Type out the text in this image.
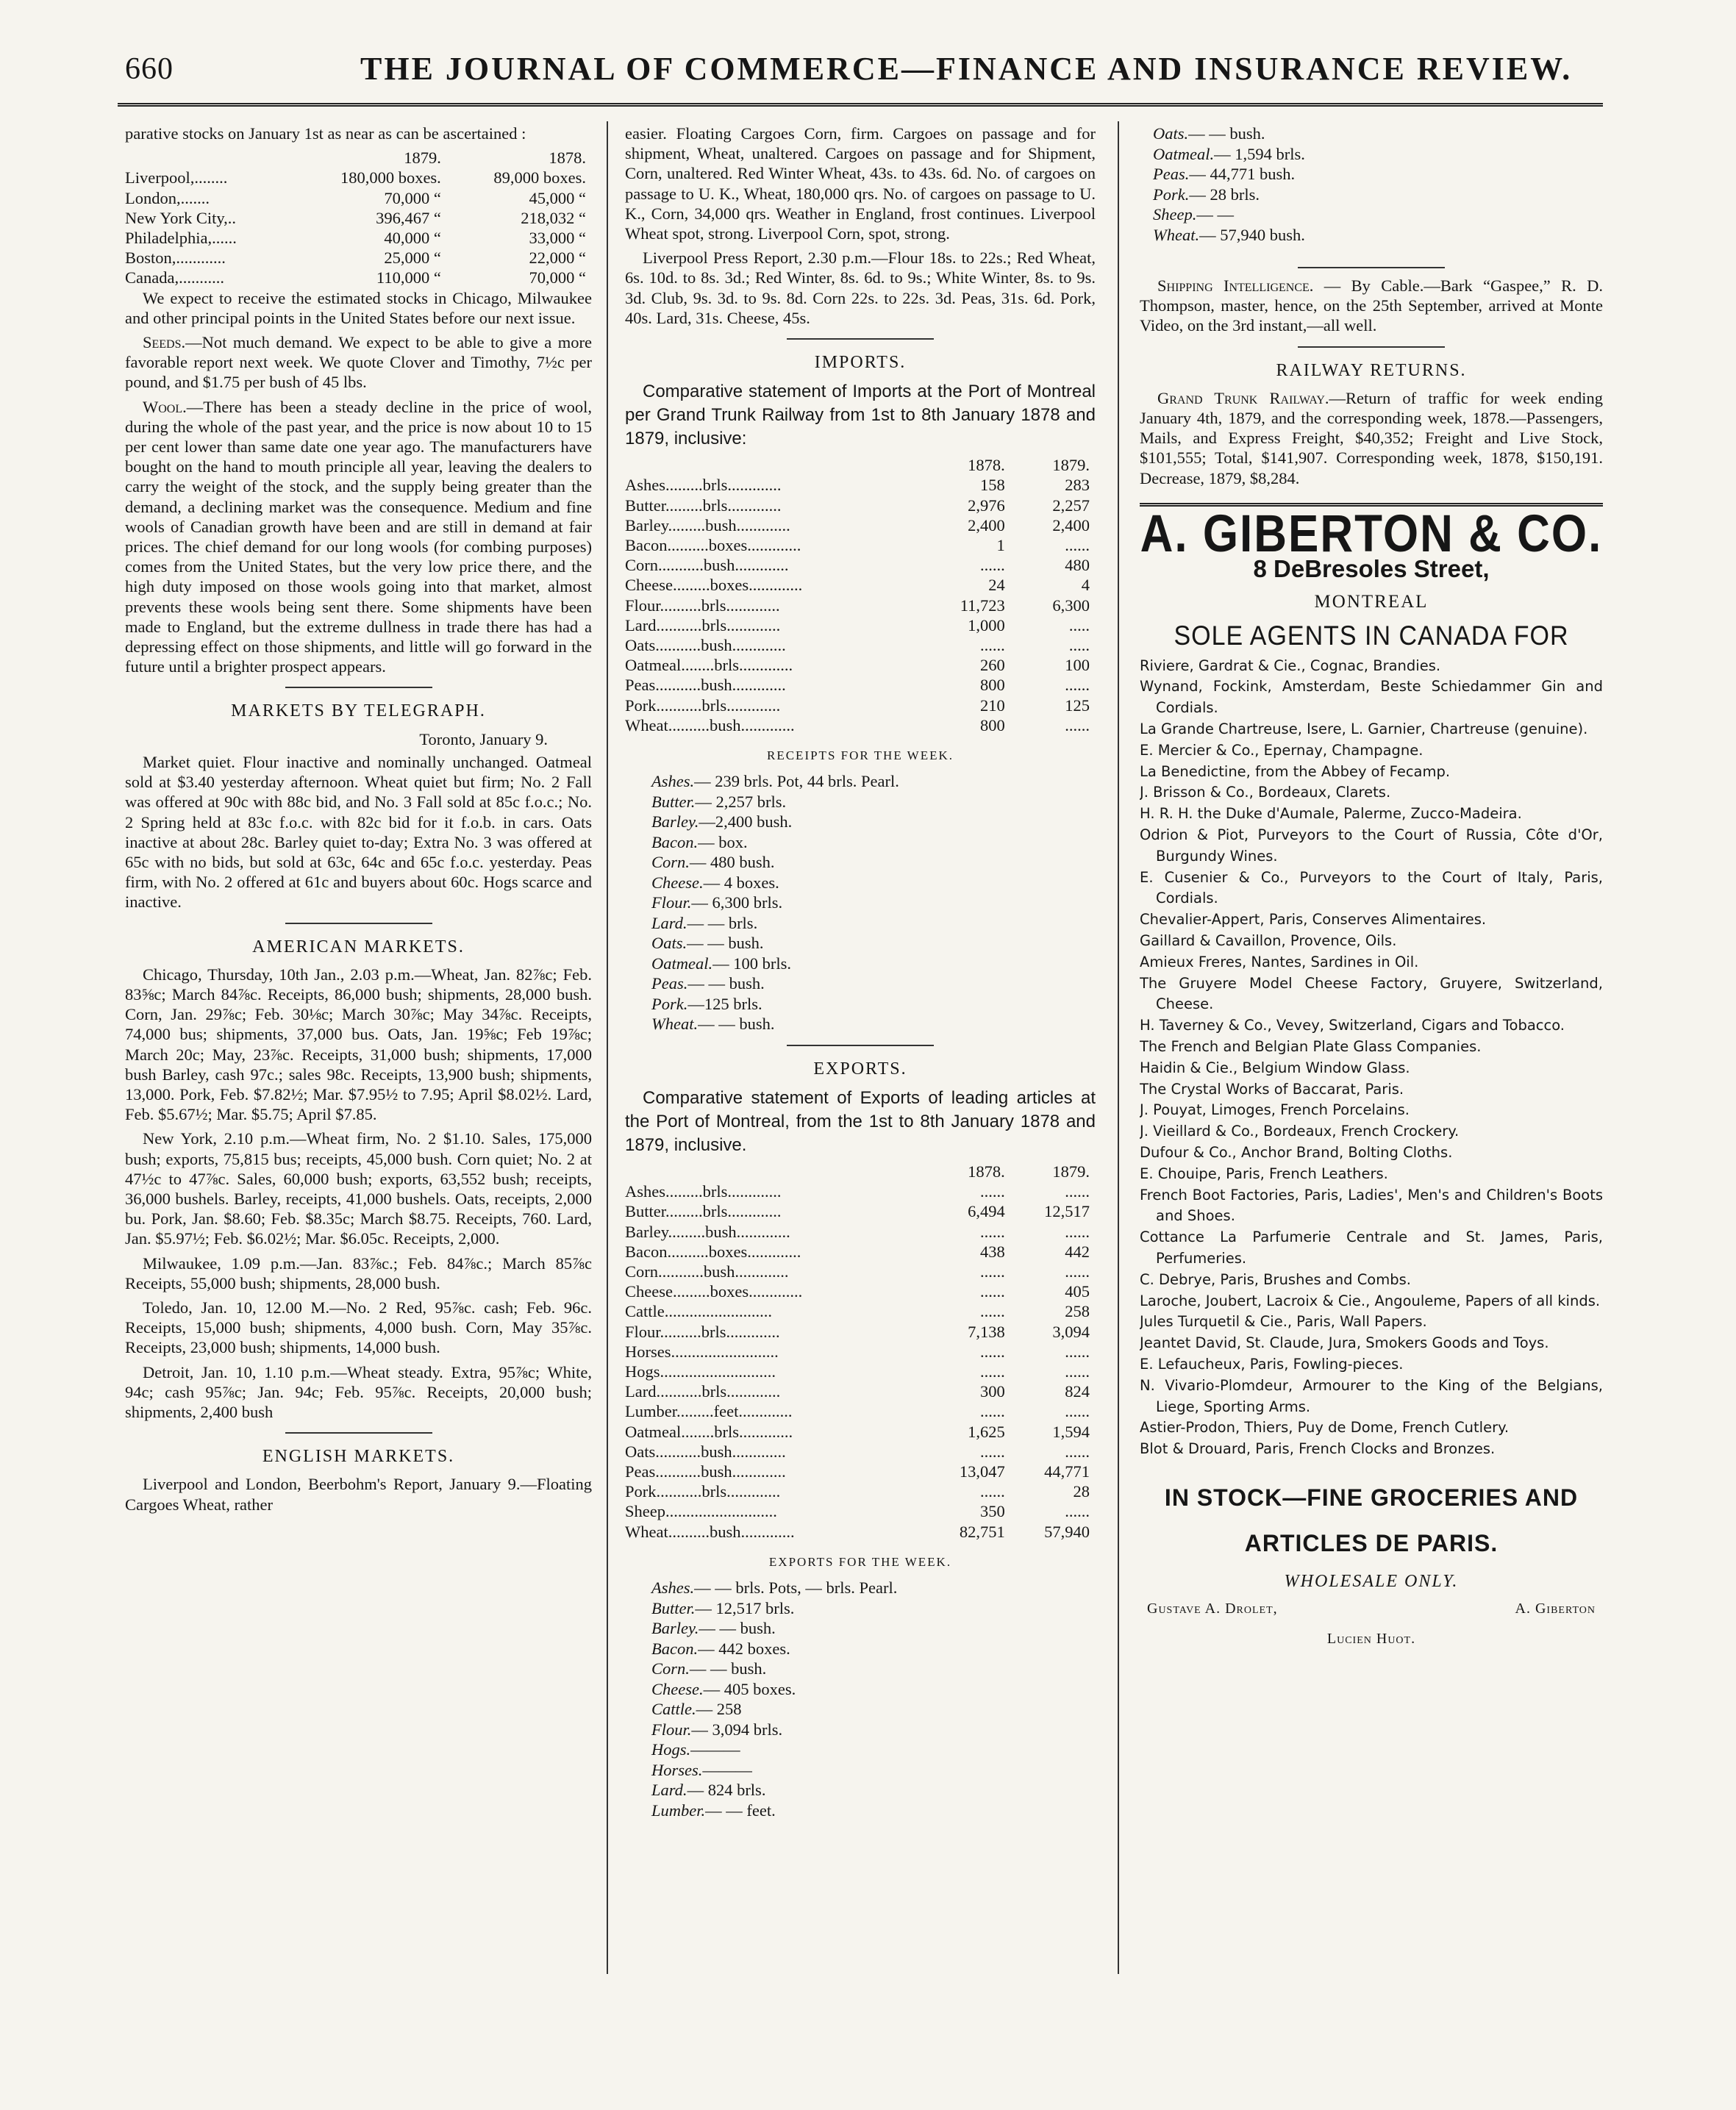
660	THE JOURNAL OF COMMERCE—FINANCE AND INSURANCE REVIEW.

parative stocks on January 1st as near as can be ascertained :

	1879.	1878.
Liverpool,........	180,000 boxes.	89,000 boxes.
London,.......	70,000 “	45,000 “
New York City,..	396,467 “	218,032 “
Philadelphia,......	40,000 “	33,000 “
Boston,............	25,000 “	22,000 “
Canada,...........	110,000 “	70,000 “

We expect to receive the estimated stocks in Chicago, Milwaukee and other principal points in the United States before our next issue.

Seeds.—Not much demand. We expect to be able to give a more favorable report next week. We quote Clover and Timothy, 7½c per pound, and $1.75 per bush of 45 lbs.

Wool.—There has been a steady decline in the price of wool, during the whole of the past year, and the price is now about 10 to 15 per cent lower than same date one year ago. The manufacturers have bought on the hand to mouth principle all year, leaving the dealers to carry the weight of the stock, and the supply being greater than the demand, a declining market was the consequence. Medium and fine wools of Canadian growth have been and are still in demand at fair prices. The chief demand for our long wools (for combing purposes) comes from the United States, but the very low price there, and the high duty imposed on those wools going into that market, almost prevents these wools being sent there. Some shipments have been made to England, but the extreme dullness in trade there has had a depressing effect on those shipments, and little will go forward in the future until a brighter prospect appears.

MARKETS BY TELEGRAPH.

Toronto, January 9.

Market quiet. Flour inactive and nominally unchanged. Oatmeal sold at $3.40 yesterday afternoon. Wheat quiet but firm; No. 2 Fall was offered at 90c with 88c bid, and No. 3 Fall sold at 85c f.o.c.; No. 2 Spring held at 83c f.o.c. with 82c bid for it f.o.b. in cars. Oats inactive at about 28c. Barley quiet to-day; Extra No. 3 was offered at 65c with no bids, but sold at 63c, 64c and 65c f.o.c. yesterday. Peas firm, with No. 2 offered at 61c and buyers about 60c. Hogs scarce and inactive.

AMERICAN MARKETS.

Chicago, Thursday, 10th Jan., 2.03 p.m.—Wheat, Jan. 82⅞c; Feb. 83⅝c; March 84⅞c. Receipts, 86,000 bush; shipments, 28,000 bush. Corn, Jan. 29⅞c; Feb. 30⅛c; March 30⅞c; May 34⅞c. Receipts, 74,000 bus; shipments, 37,000 bus. Oats, Jan. 19⅝c; Feb 19⅞c; March 20c; May, 23⅞c. Receipts, 31,000 bush; shipments, 17,000 bush Barley, cash 97c.; sales 98c. Receipts, 13,900 bush; shipments, 13,000. Pork, Feb. $7.82½; Mar. $7.95½ to 7.95; April $8.02½. Lard, Feb. $5.67½; Mar. $5.75; April $7.85.

New York, 2.10 p.m.—Wheat firm, No. 2 $1.10. Sales, 175,000 bush; exports, 75,815 bus; receipts, 45,000 bush. Corn quiet; No. 2 at 47½c to 47⅞c. Sales, 60,000 bush; exports, 63,552 bush; receipts, 36,000 bushels. Barley, receipts, 41,000 bushels. Oats, receipts, 2,000 bu. Pork, Jan. $8.60; Feb. $8.35c; March $8.75. Receipts, 760. Lard, Jan. $5.97½; Feb. $6.02½; Mar. $6.05c. Receipts, 2,000.

Milwaukee, 1.09 p.m.—Jan. 83⅞c.; Feb. 84⅞c.; March 85⅞c Receipts, 55,000 bush; shipments, 28,000 bush.

Toledo, Jan. 10, 12.00 M.—No. 2 Red, 95⅞c. cash; Feb. 96c. Receipts, 15,000 bush; shipments, 4,000 bush. Corn, May 35⅞c. Receipts, 23,000 bush; shipments, 14,000 bush.

Detroit, Jan. 10, 1.10 p.m.—Wheat steady. Extra, 95⅞c; White, 94c; cash 95⅞c; Jan. 94c; Feb. 95⅞c. Receipts, 20,000 bush; shipments, 2,400 bush

ENGLISH MARKETS.

Liverpool and London, Beerbohm's Report, January 9.—Floating Cargoes Wheat, rather

easier. Floating Cargoes Corn, firm. Cargoes on passage and for shipment, Wheat, unaltered. Cargoes on passage and for Shipment, Corn, unaltered. Red Winter Wheat, 43s. to 43s. 6d. No. of cargoes on passage to U. K., Wheat, 180,000 qrs. No. of cargoes on passage to U. K., Corn, 34,000 qrs. Weather in England, frost continues. Liverpool Wheat spot, strong. Liverpool Corn, spot, strong.

Liverpool Press Report, 2.30 p.m.—Flour 18s. to 22s.; Red Wheat, 6s. 10d. to 8s. 3d.; Red Winter, 8s. 6d. to 9s.; White Winter, 8s. to 9s. 3d. Club, 9s. 3d. to 9s. 8d. Corn 22s. to 22s. 3d. Peas, 31s. 6d. Pork, 40s. Lard, 31s. Cheese, 45s.

IMPORTS.

Comparative statement of Imports at the Port of Montreal per Grand Trunk Railway from 1st to 8th January 1878 and 1879, inclusive:

	1878.	1879.
Ashes.........brls.............	158	283
Butter.........brls.............	2,976	2,257
Barley.........bush.............	2,400	2,400
Bacon..........boxes.............	1	......
Corn...........bush.............	......	480
Cheese.........boxes.............	24	4
Flour..........brls.............	11,723	6,300
Lard...........brls.............	1,000	.....
Oats...........bush.............	......	.....
Oatmeal........brls.............	260	100
Peas...........bush.............	800	......
Pork...........brls.............	210	125
Wheat..........bush.............	800	......
RECEIPTS FOR THE WEEK.
Ashes.— 239 brls. Pot, 44 brls. Pearl.
Butter.— 2,257 brls.
Barley.—2,400 bush.
Bacon.— box.
Corn.— 480 bush.
Cheese.— 4 boxes.
Flour.— 6,300 brls.
Lard.— — brls.
Oats.— — bush.
Oatmeal.— 100 brls.
Peas.— — bush.
Pork.—125 brls.
Wheat.— — bush.
EXPORTS.

Comparative statement of Exports of leading articles at the Port of Montreal, from the 1st to 8th January 1878 and 1879, inclusive.

	1878.	1879.
Ashes.........brls.............	......	......
Butter.........brls.............	6,494	12,517
Barley.........bush.............	......	......
Bacon..........boxes.............	438	442
Corn...........bush.............	......	......
Cheese.........boxes.............	......	405
Cattle..........................	......	258
Flour..........brls.............	7,138	3,094
Horses..........................	......	......
Hogs............................	......	......
Lard...........brls.............	300	824
Lumber.........feet.............	......	......
Oatmeal........brls.............	1,625	1,594
Oats...........bush.............	......	......
Peas...........bush.............	13,047	44,771
Pork...........brls.............	......	28
Sheep...........................	350	......
Wheat..........bush.............	82,751	57,940
EXPORTS FOR THE WEEK.
Ashes.— — brls. Pots, — brls. Pearl.
Butter.— 12,517 brls.
Barley.— — bush.
Bacon.— 442 boxes.
Corn.— — bush.
Cheese.— 405 boxes.
Cattle.— 258
Flour.— 3,094 brls.
Hogs.———
Horses.———
Lard.— 824 brls.
Lumber.— — feet.
Oats.— — bush.
Oatmeal.— 1,594 brls.
Peas.— 44,771 bush.
Pork.— 28 brls.
Sheep.— —
Wheat.— 57,940 bush.

Shipping Intelligence. — By Cable.—Bark “Gaspee,” R. D. Thompson, master, hence, on the 25th September, arrived at Monte Video, on the 3rd instant,—all well.

RAILWAY RETURNS.

Grand Trunk Railway.—Return of traffic for week ending January 4th, 1879, and the corresponding week, 1878.—Passengers, Mails, and Express Freight, $40,352; Freight and Live Stock, $101,555; Total, $141,907. Corresponding week, 1878, $150,191. Decrease, 1879, $8,284.

A. GIBERTON & CO.
8 DeBresoles Street,
MONTREAL
SOLE AGENTS IN CANADA FOR
Riviere, Gardrat & Cie., Cognac, Brandies.
Wynand, Fockink, Amsterdam, Beste Schiedammer Gin and Cordials.
La Grande Chartreuse, Isere, L. Garnier, Chartreuse (genuine).
E. Mercier & Co., Epernay, Champagne.
La Benedictine, from the Abbey of Fecamp.
J. Brisson & Co., Bordeaux, Clarets.
H. R. H. the Duke d'Aumale, Palerme, Zucco-Madeira.
Odrion & Piot, Purveyors to the Court of Russia, Côte d'Or, Burgundy Wines.
E. Cusenier & Co., Purveyors to the Court of Italy, Paris, Cordials.
Chevalier-Appert, Paris, Conserves Alimentaires.
Gaillard & Cavaillon, Provence, Oils.
Amieux Freres, Nantes, Sardines in Oil.
The Gruyere Model Cheese Factory, Gruyere, Switzerland, Cheese.
H. Taverney & Co., Vevey, Switzerland, Cigars and Tobacco.
The French and Belgian Plate Glass Companies.
Haidin & Cie., Belgium Window Glass.
The Crystal Works of Baccarat, Paris.
J. Pouyat, Limoges, French Porcelains.
J. Vieillard & Co., Bordeaux, French Crockery.
Dufour & Co., Anchor Brand, Bolting Cloths.
E. Chouipe, Paris, French Leathers.
French Boot Factories, Paris, Ladies', Men's and Children's Boots and Shoes.
Cottance La Parfumerie Centrale and St. James, Paris, Perfumeries.
C. Debrye, Paris, Brushes and Combs.
Laroche, Joubert, Lacroix & Cie., Angouleme, Papers of all kinds.
Jules Turquetil & Cie., Paris, Wall Papers.
Jeantet David, St. Claude, Jura, Smokers Goods and Toys.
E. Lefaucheux, Paris, Fowling-pieces.
N. Vivario-Plomdeur, Armourer to the King of the Belgians, Liege, Sporting Arms.
Astier-Prodon, Thiers, Puy de Dome, French Cutlery.
Blot & Drouard, Paris, French Clocks and Bronzes.
IN STOCK—FINE GROCERIES AND
ARTICLES DE PARIS.
WHOLESALE ONLY.
Gustave A. Drolet,	A. Giberton
Lucien Huot.
